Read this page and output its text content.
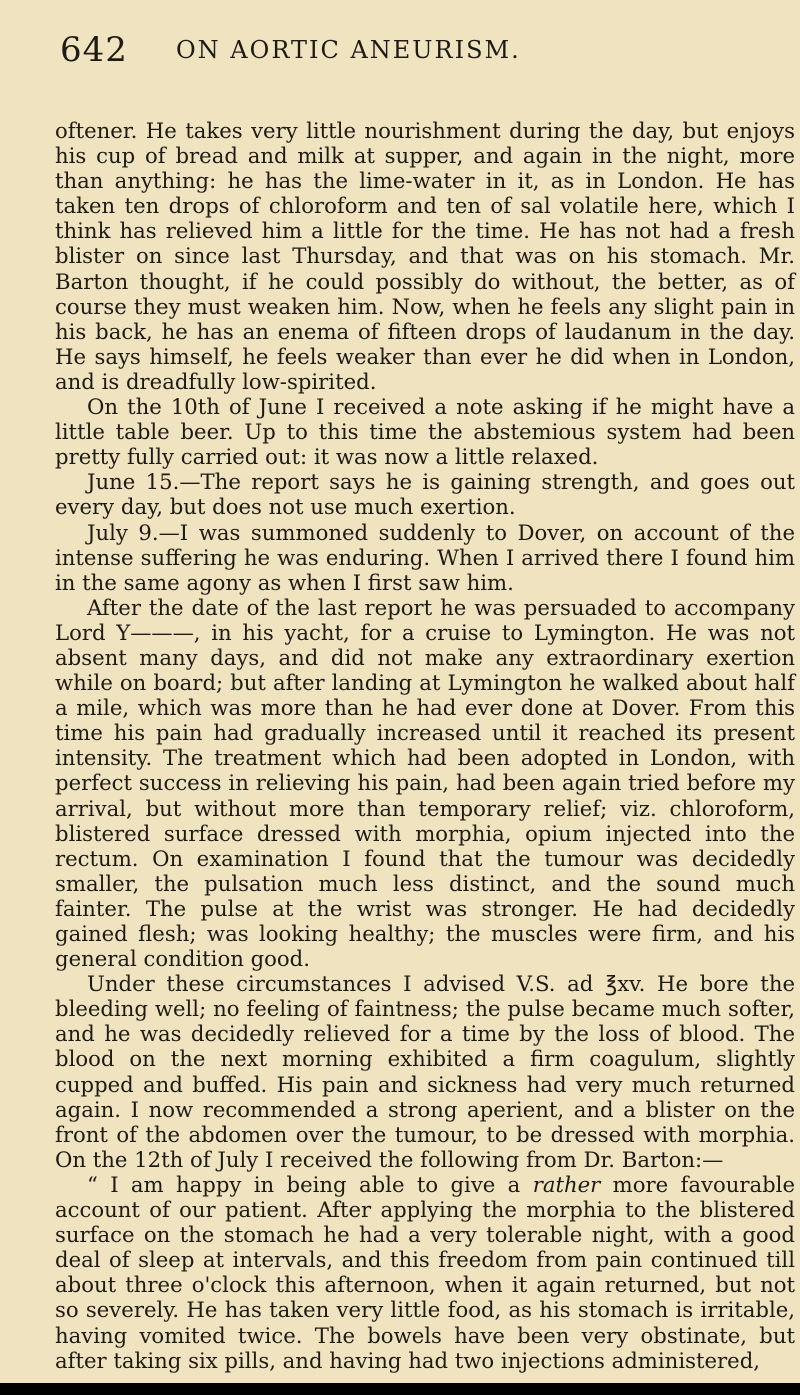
642 ON AORTIC ANEURISM.

oftener. He takes very little nourishment during the day, but enjoys his cup of bread and milk at supper, and again in the night, more than anything: he has the lime-water in it, as in London. He has taken ten drops of chloroform and ten of sal volatile here, which I think has relieved him a little for the time. He has not had a fresh blister on since last Thursday, and that was on his stomach. Mr. Barton thought, if he could possibly do without, the better, as of course they must weaken him. Now, when he feels any slight pain in his back, he has an enema of fifteen drops of laudanum in the day. He says himself, he feels weaker than ever he did when in London, and is dreadfully low-spirited.

On the 10th of June I received a note asking if he might have a little table beer. Up to this time the abstemious system had been pretty fully carried out: it was now a little relaxed.

June 15.—The report says he is gaining strength, and goes out every day, but does not use much exertion.

July 9.—I was summoned suddenly to Dover, on account of the intense suffering he was enduring. When I arrived there I found him in the same agony as when I first saw him.

After the date of the last report he was persuaded to accompany Lord Y———, in his yacht, for a cruise to Lymington. He was not absent many days, and did not make any extraordinary exertion while on board; but after landing at Lymington he walked about half a mile, which was more than he had ever done at Dover. From this time his pain had gradually increased until it reached its present intensity. The treatment which had been adopted in London, with perfect success in relieving his pain, had been again tried before my arrival, but without more than temporary relief; viz. chloroform, blistered surface dressed with morphia, opium injected into the rectum. On examination I found that the tumour was decidedly smaller, the pulsation much less distinct, and the sound much fainter. The pulse at the wrist was stronger. He had decidedly gained flesh; was looking healthy; the muscles were firm, and his general condition good.

Under these circumstances I advised V.S. ad ℥xv. He bore the bleeding well; no feeling of faintness; the pulse became much softer, and he was decidedly relieved for a time by the loss of blood. The blood on the next morning exhibited a firm coagulum, slightly cupped and buffed. His pain and sickness had very much returned again. I now recommended a strong aperient, and a blister on the front of the abdomen over the tumour, to be dressed with morphia. On the 12th of July I received the following from Dr. Barton:—

“ I am happy in being able to give a rather more favourable account of our patient. After applying the morphia to the blistered surface on the stomach he had a very tolerable night, with a good deal of sleep at intervals, and this freedom from pain continued till about three o'clock this afternoon, when it again returned, but not so severely. He has taken very little food, as his stomach is irritable, having vomited twice. The bowels have been very obstinate, but after taking six pills, and having had two injections administered,
